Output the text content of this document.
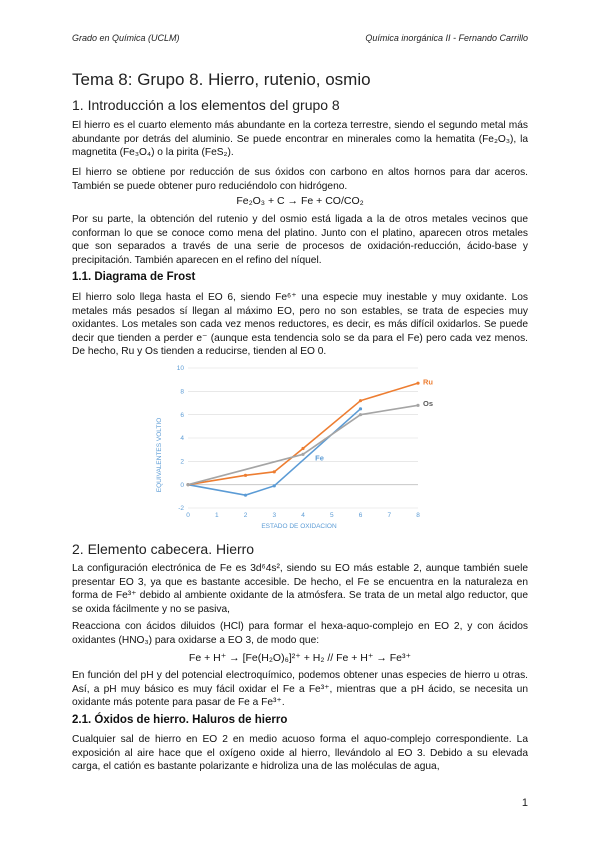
Grado en Química (UCLM)	Química inorgánica II - Fernando Carrillo
Tema 8: Grupo 8. Hierro, rutenio, osmio
1. Introducción a los elementos del grupo 8

El hierro es el cuarto elemento más abundante en la corteza terrestre, siendo el segundo metal más abundante por detrás del aluminio. Se puede encontrar en minerales como la hematita (Fe₂O₃), la magnetita (Fe₃O₄) o la pirita (FeS₂).

El hierro se obtiene por reducción de sus óxidos con carbono en altos hornos para dar aceros. También se puede obtener puro reduciéndolo con hidrógeno.

Fe₂O₃ + C → Fe + CO/CO₂

Por su parte, la obtención del rutenio y del osmio está ligada a la de otros metales vecinos que conforman lo que se conoce como mena del platino. Junto con el platino, aparecen otros metales que son separados a través de una serie de procesos de oxidación-reducción, ácido-base y precipitación. También aparecen en el refino del níquel.

1.1. Diagrama de Frost

El hierro solo llega hasta el EO 6, siendo Fe⁶⁺ una especie muy inestable y muy oxidante. Los metales más pesados sí llegan al máximo EO, pero no son estables, se trata de especies muy oxidantes. Los metales son cada vez menos reductores, es decir, es más difícil oxidarlos. Se puede decir que tienden a perder e⁻ (aunque esta tendencia solo se da para el Fe) pero cada vez menos. De hecho, Ru y Os tienden a reducirse, tienden al EO 0.

-2
0
2
4
6
8
10
0	1	2	3	4	5	6	7	8
Fe
Ru
Os
ESTADO DE OXIDACION
EQUIVALENTES VOLTIO
2. Elemento cabecera. Hierro

La configuración electrónica de Fe es 3d⁶4s², siendo su EO más estable 2, aunque también suele presentar EO 3, ya que es bastante accesible. De hecho, el Fe se encuentra en la naturaleza en forma de Fe³⁺ debido al ambiente oxidante de la atmósfera. Se trata de un metal algo reductor, que se oxida fácilmente y no se pasiva,

Reacciona con ácidos diluidos (HCl) para formar el hexa-aquo-complejo en EO 2, y con ácidos oxidantes (HNO₃) para oxidarse a EO 3, de modo que:

Fe + H⁺ → [Fe(H₂O)₆]²⁺ + H₂ // Fe + H⁺ → Fe³⁺

En función del pH y del potencial electroquímico, podemos obtener unas especies de hierro u otras. Así, a pH muy básico es muy fácil oxidar el Fe a Fe³⁺, mientras que a pH ácido, se necesita un oxidante más potente para pasar de Fe a Fe³⁺.

2.1. Óxidos de hierro. Haluros de hierro

Cualquier sal de hierro en EO 2 en medio acuoso forma el aquo-complejo correspondiente. La exposición al aire hace que el oxígeno oxide al hierro, llevándolo al EO 3. Debido a su elevada carga, el catión es bastante polarizante e hidroliza una de las moléculas de agua,

1
